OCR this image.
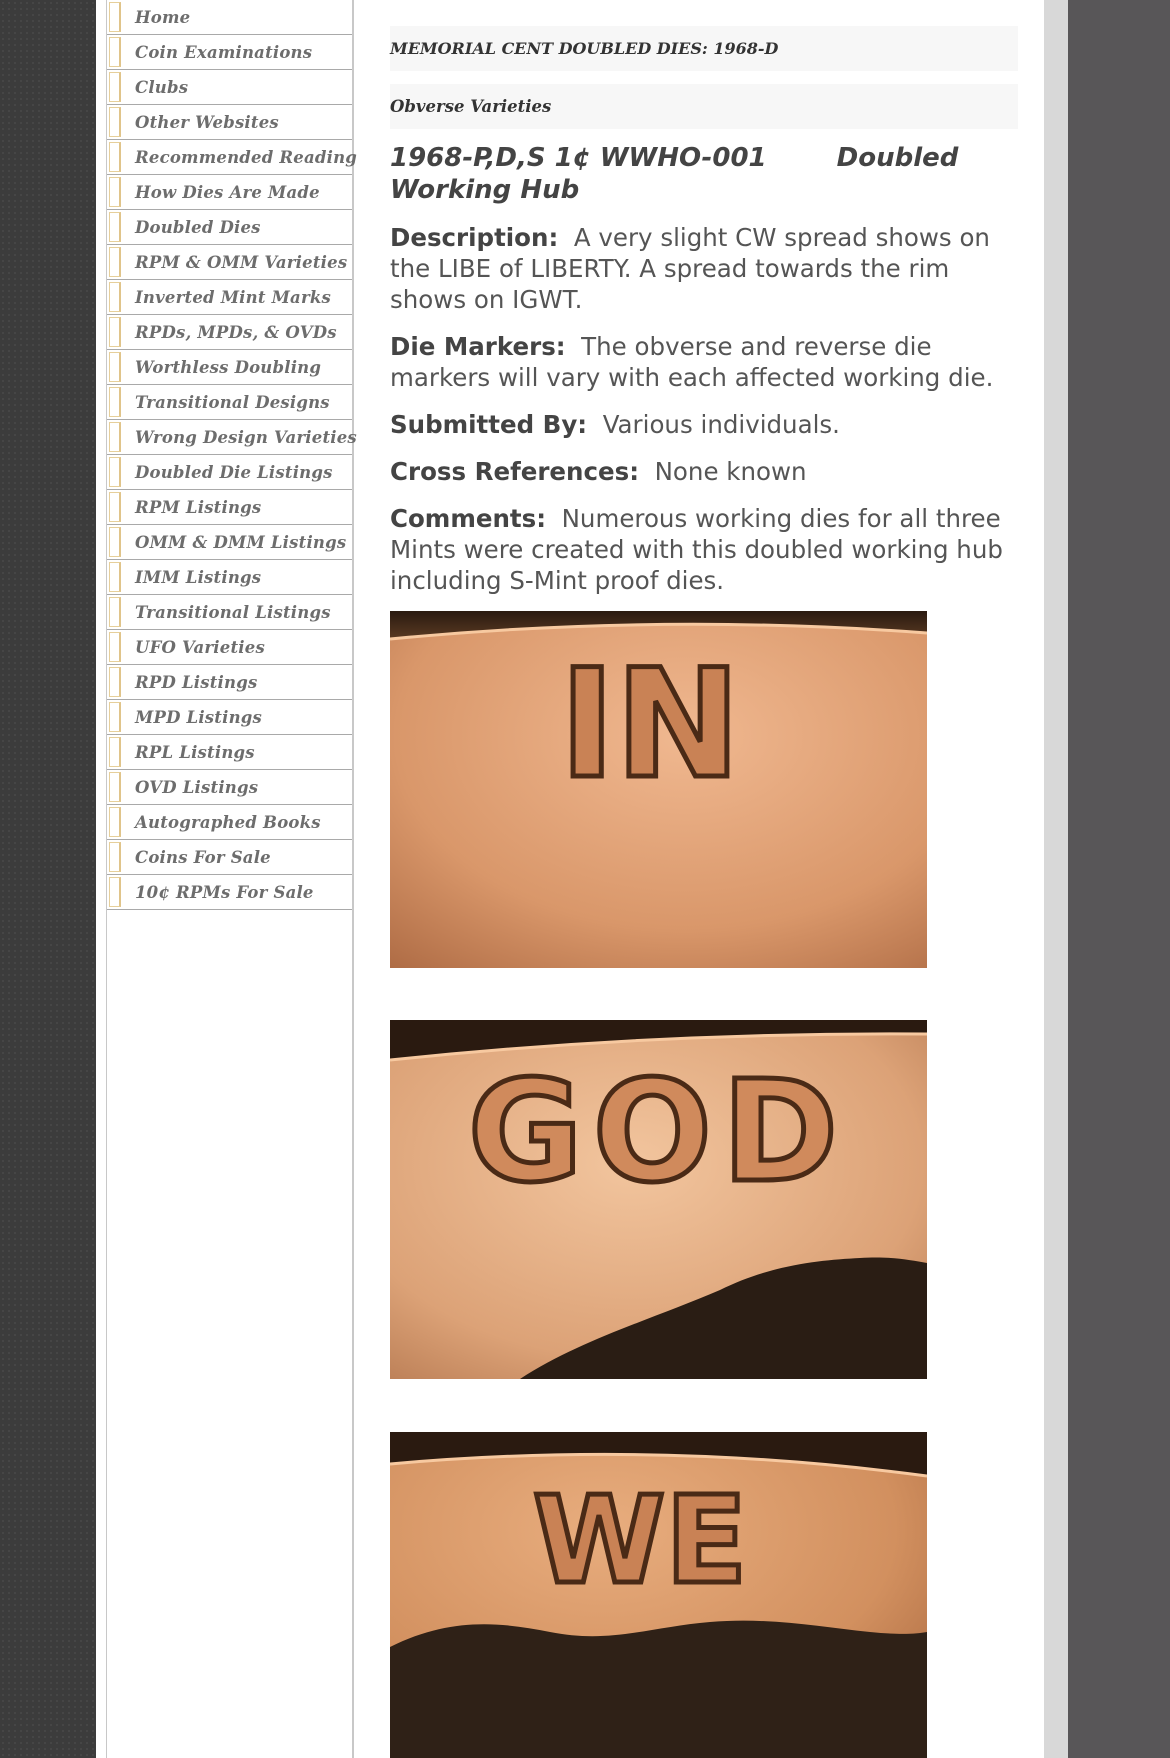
Home
Coin Examinations
Clubs
Other Websites
Recommended Reading
How Dies Are Made
Doubled Dies
RPM & OMM Varieties
Inverted Mint Marks
RPDs, MPDs, & OVDs
Worthless Doubling
Transitional Designs
Wrong Design Varieties
Doubled Die Listings
RPM Listings
OMM & DMM Listings
IMM Listings
Transitional Listings
UFO Varieties
RPD Listings
MPD Listings
RPL Listings
OVD Listings
Autographed Books
Coins For Sale
10¢ RPMs For Sale
MEMORIAL CENT DOUBLED DIES: 1968-D
Obverse Varieties
1968-P,D,S 1¢ WWHO-001	Doubled
Working Hub
Description: A very slight CW spread shows on the LIBE of LIBERTY. A spread towards the rim shows on IGWT.
Die Markers: The obverse and reverse die markers will vary with each affected working die.
Submitted By: Various individuals.
Cross References: None known
Comments: Numerous working dies for all three Mints were created with this doubled working hub including S-Mint proof dies.
IN
GOD
WE
